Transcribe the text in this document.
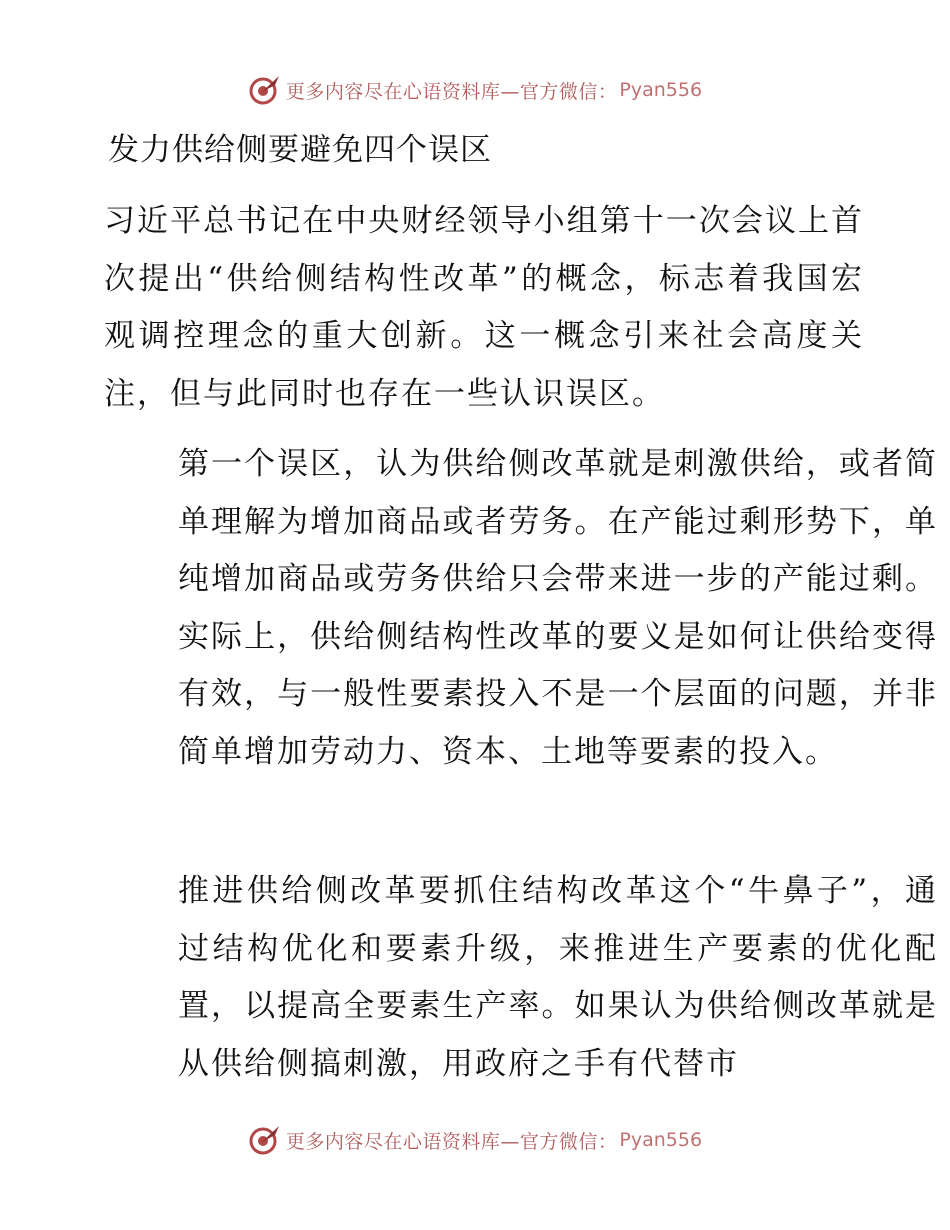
更多内容尽在心语资料库—官方微信： Pyan556
发力供给侧要避免四个误区

习近平总书记在中央财经领导小组第十一次会议上首次提出“供给侧结构性改革”的概念，标志着我国宏观调控理念的重大创新。这一概念引来社会高度关注，但与此同时也存在一些认识误区。

第一个误区，认为供给侧改革就是刺激供给，或者简单理解为增加商品或者劳务。在产能过剩形势下，单纯增加商品或劳务供给只会带来进一步的产能过剩。实际上，供给侧结构性改革的要义是如何让供给变得有效，与一般性要素投入不是一个层面的问题，并非简单增加劳动力、资本、土地等要素的投入。

推进供给侧改革要抓住结构改革这个“牛鼻子”，通过结构优化和要素升级，来推进生产要素的优化配置，以提高全要素生产率。如果认为供给侧改革就是从供给侧搞刺激，用政府之手有代替市

更多内容尽在心语资料库—官方微信： Pyan556
